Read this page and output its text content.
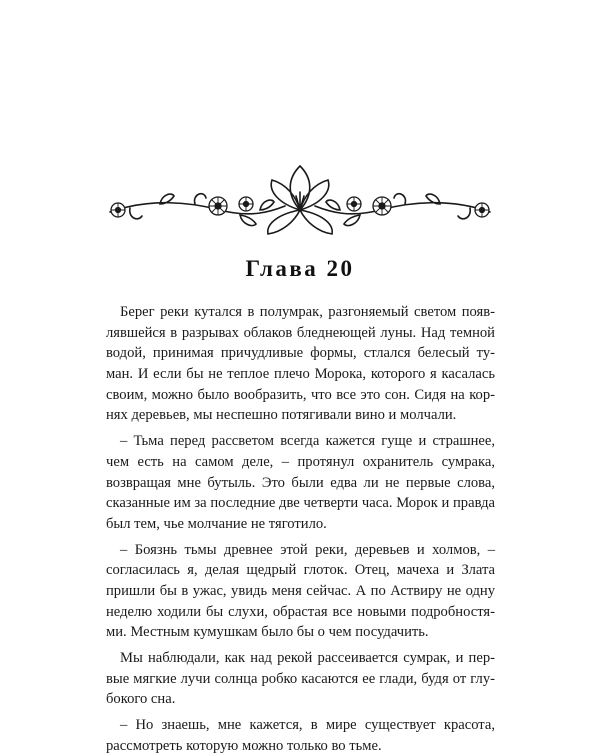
Глава 20
Берег реки кутался в полумрак, разгоняемый светом появ-
лявшейся в разрывах облаков бледнеющей луны. Над темной
водой, принимая причудливые формы, стлался белесый ту-
ман. И если бы не теплое плечо Морока, которого я касалась
своим, можно было вообразить, что все это сон. Сидя на кор-
нях деревьев, мы неспешно потягивали вино и молчали.
– Тьма перед рассветом всегда кажется гуще и страшнее,
чем есть на самом деле, – протянул охранитель сумрака,
возвращая мне бутыль. Это были едва ли не первые слова,
сказанные им за последние две четверти часа. Морок и правда
был тем, чье молчание не тяготило.
– Боязнь тьмы древнее этой реки, деревьев и холмов, –
согласилась я, делая щедрый глоток. Отец, мачеха и Злата
пришли бы в ужас, увидь меня сейчас. А по Аствиру не одну
неделю ходили бы слухи, обрастая все новыми подробностя-
ми. Местным кумушкам было бы о чем посудачить.
Мы наблюдали, как над рекой рассеивается сумрак, и пер-
вые мягкие лучи солнца робко касаются ее глади, будя от глу-
бокого сна.
– Но знаешь, мне кажется, в мире существует красота,
рассмотреть которую можно только во тьме.
